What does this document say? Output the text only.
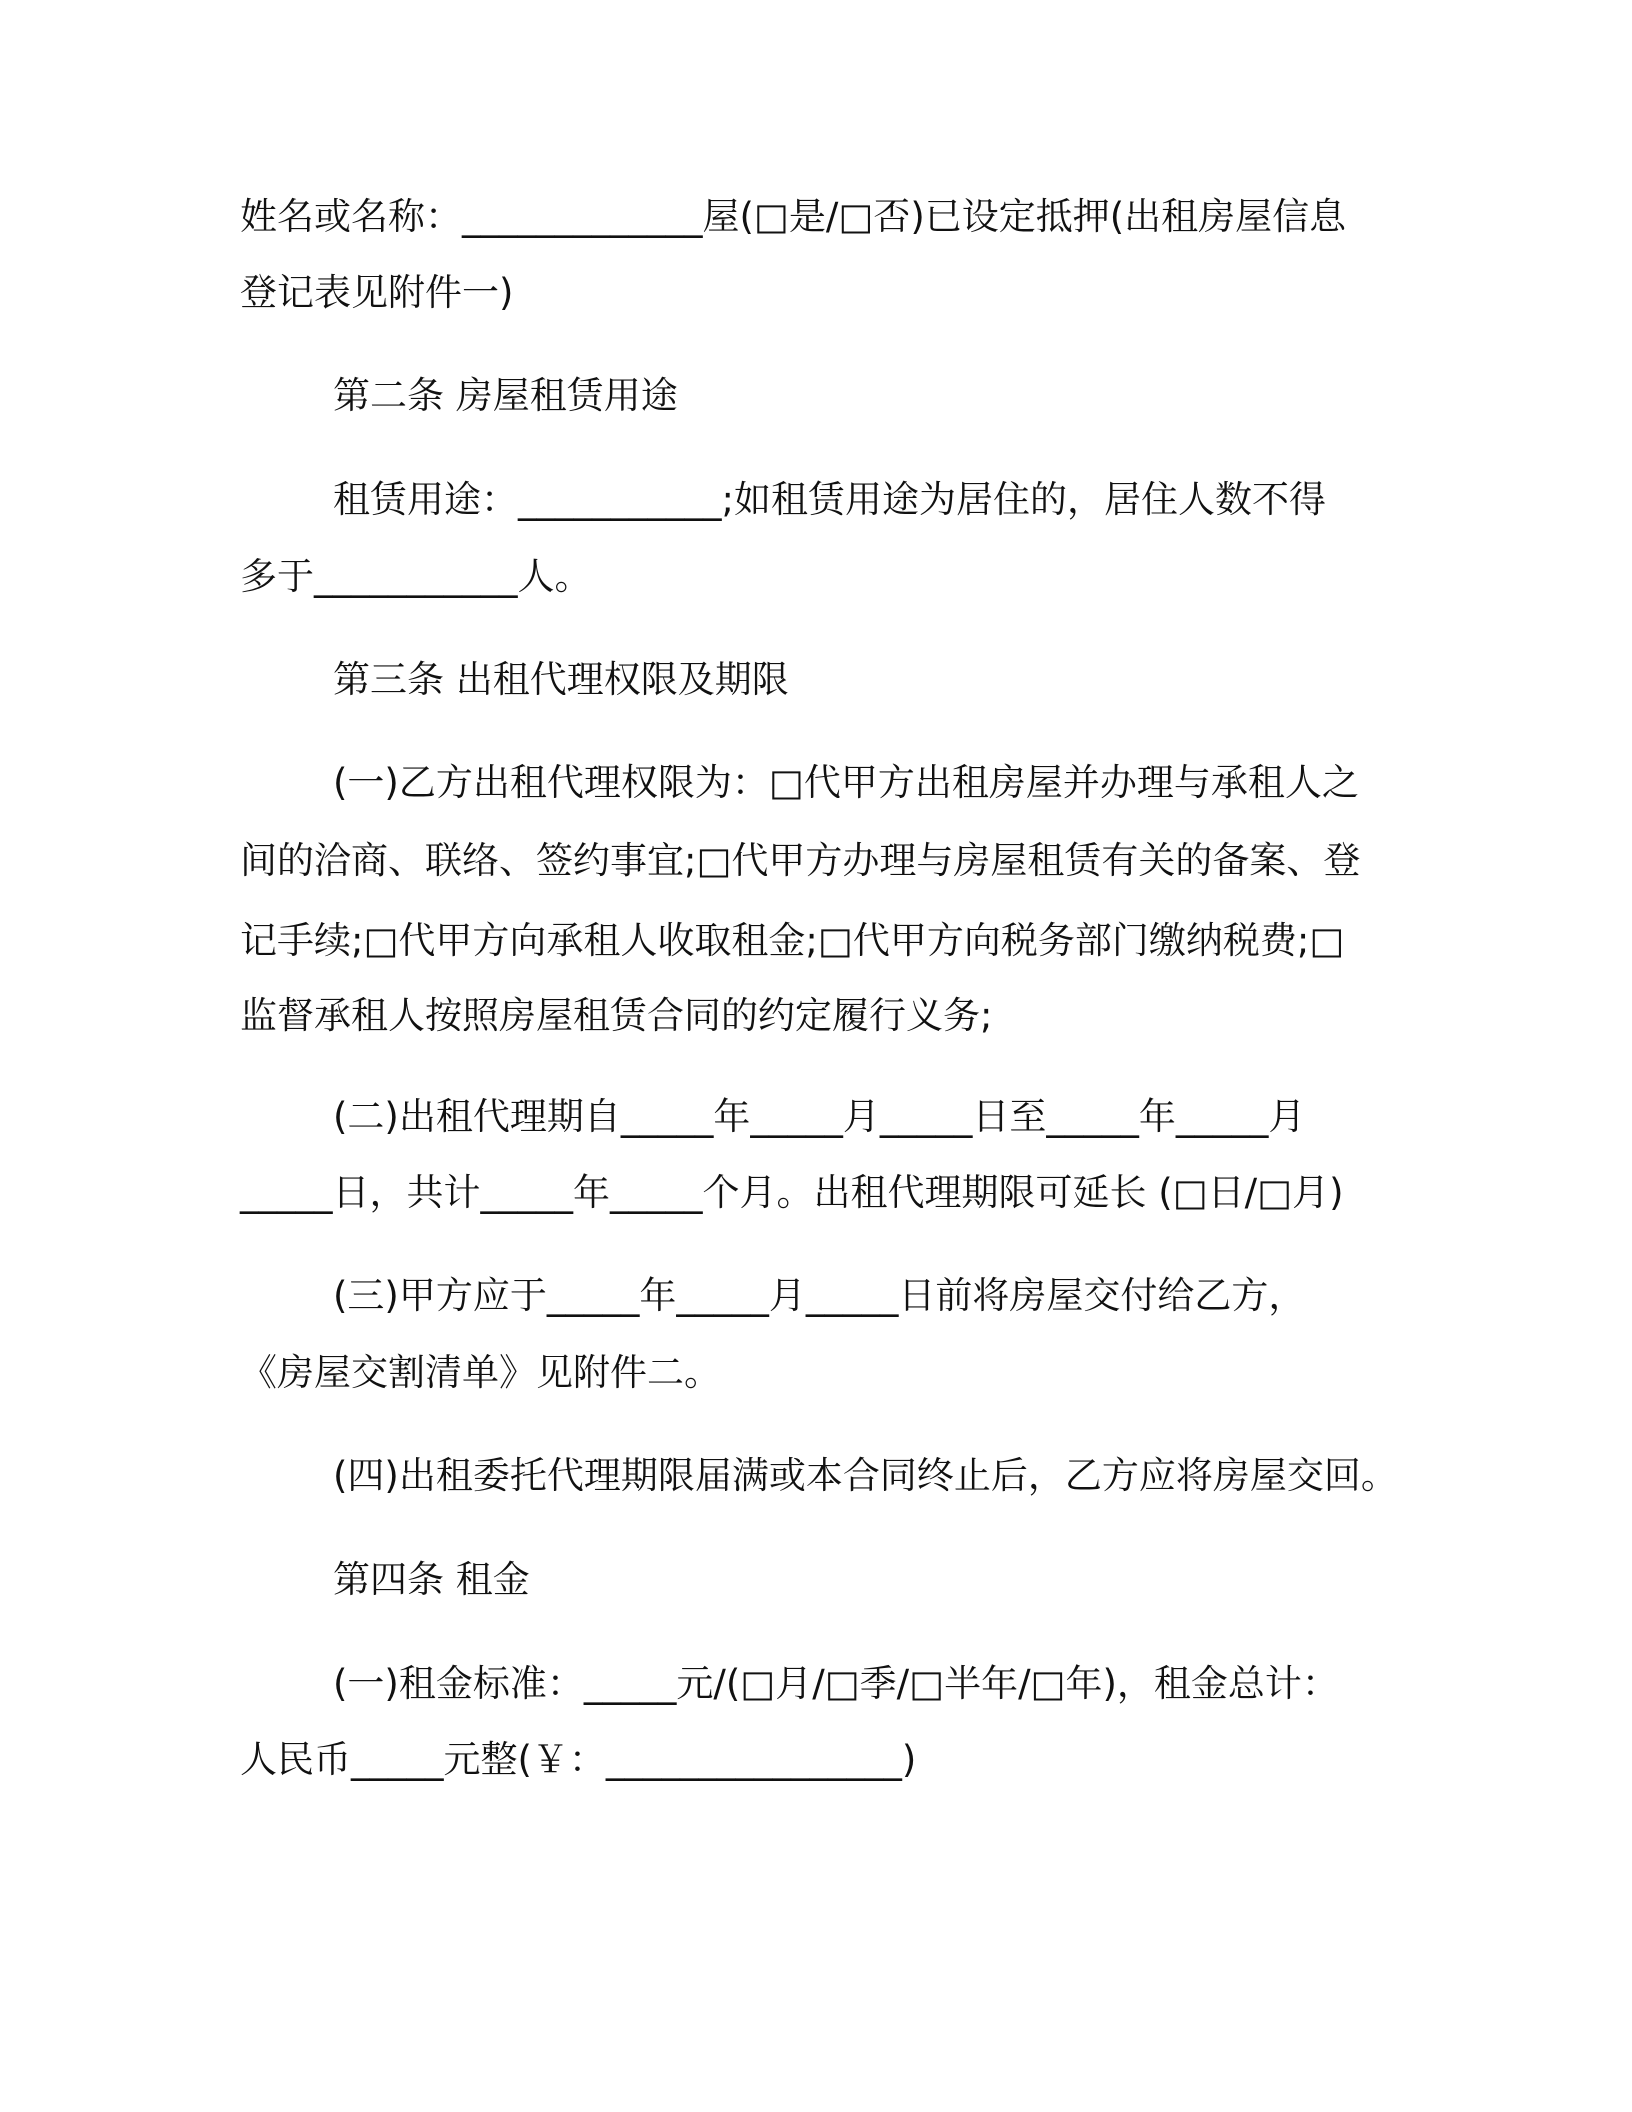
姓名或名称：_____________屋(□是/□否)已设定抵押(出租房屋信息

登记表见附件一)

第二条 房屋租赁用途

租赁用途：___________;如租赁用途为居住的，居住人数不得

多于___________人。

第三条 出租代理权限及期限

(一)乙方出租代理权限为：□代甲方出租房屋并办理与承租人之

间的洽商、联络、签约事宜;□代甲方办理与房屋租赁有关的备案、登

记手续;□代甲方向承租人收取租金;□代甲方向税务部门缴纳税费;□

监督承租人按照房屋租赁合同的约定履行义务;

(二)出租代理期自_____年_____月_____日至_____年_____月

_____日，共计_____年_____个月。出租代理期限可延长 (□日/□月)

(三)甲方应于_____年_____月_____日前将房屋交付给乙方，

《房屋交割清单》见附件二。

(四)出租委托代理期限届满或本合同终止后，乙方应将房屋交回。

第四条 租金

(一)租金标准：_____元/(□月/□季/□半年/□年)，租金总计：

人民币_____元整(￥：________________)
